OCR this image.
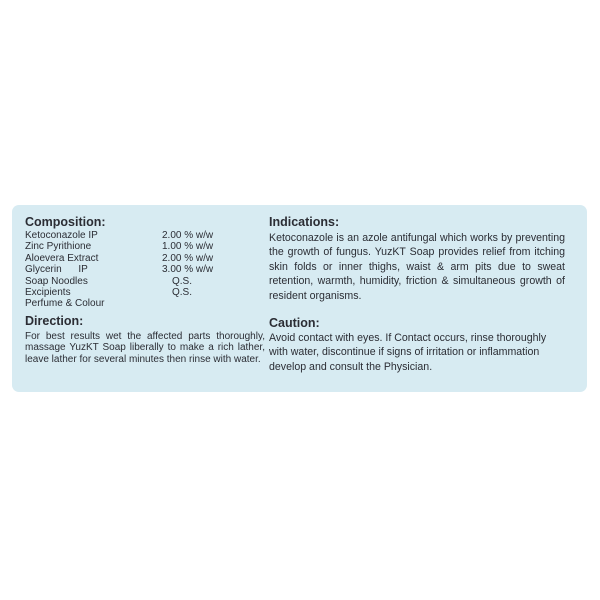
Composition:
Ketoconazole IP	2.00 % w/w
Zinc Pyrithione	1.00 % w/w
Aloevera Extract	2.00 % w/w
Glycerin      IP	3.00 % w/w
Soap Noodles	Q.S.
Excipients	Q.S.
Perfume & Colour	
Direction:

For best results wet the affected parts thoroughly, massage YuzKT Soap liberally to make a rich lather, leave lather for several minutes then rinse with water.

Indications:

Ketoconazole is an azole antifungal which works by preventing the growth of fungus. YuzKT Soap provides relief from itching skin folds or inner thighs, waist & arm pits due to sweat retention, warmth, humidity, friction & simultaneous growth of resident organisms.

Caution:

Avoid contact with eyes. If Contact occurs, rinse thoroughly with water, discontinue if signs of irritation or inflammation develop and consult the Physician.
